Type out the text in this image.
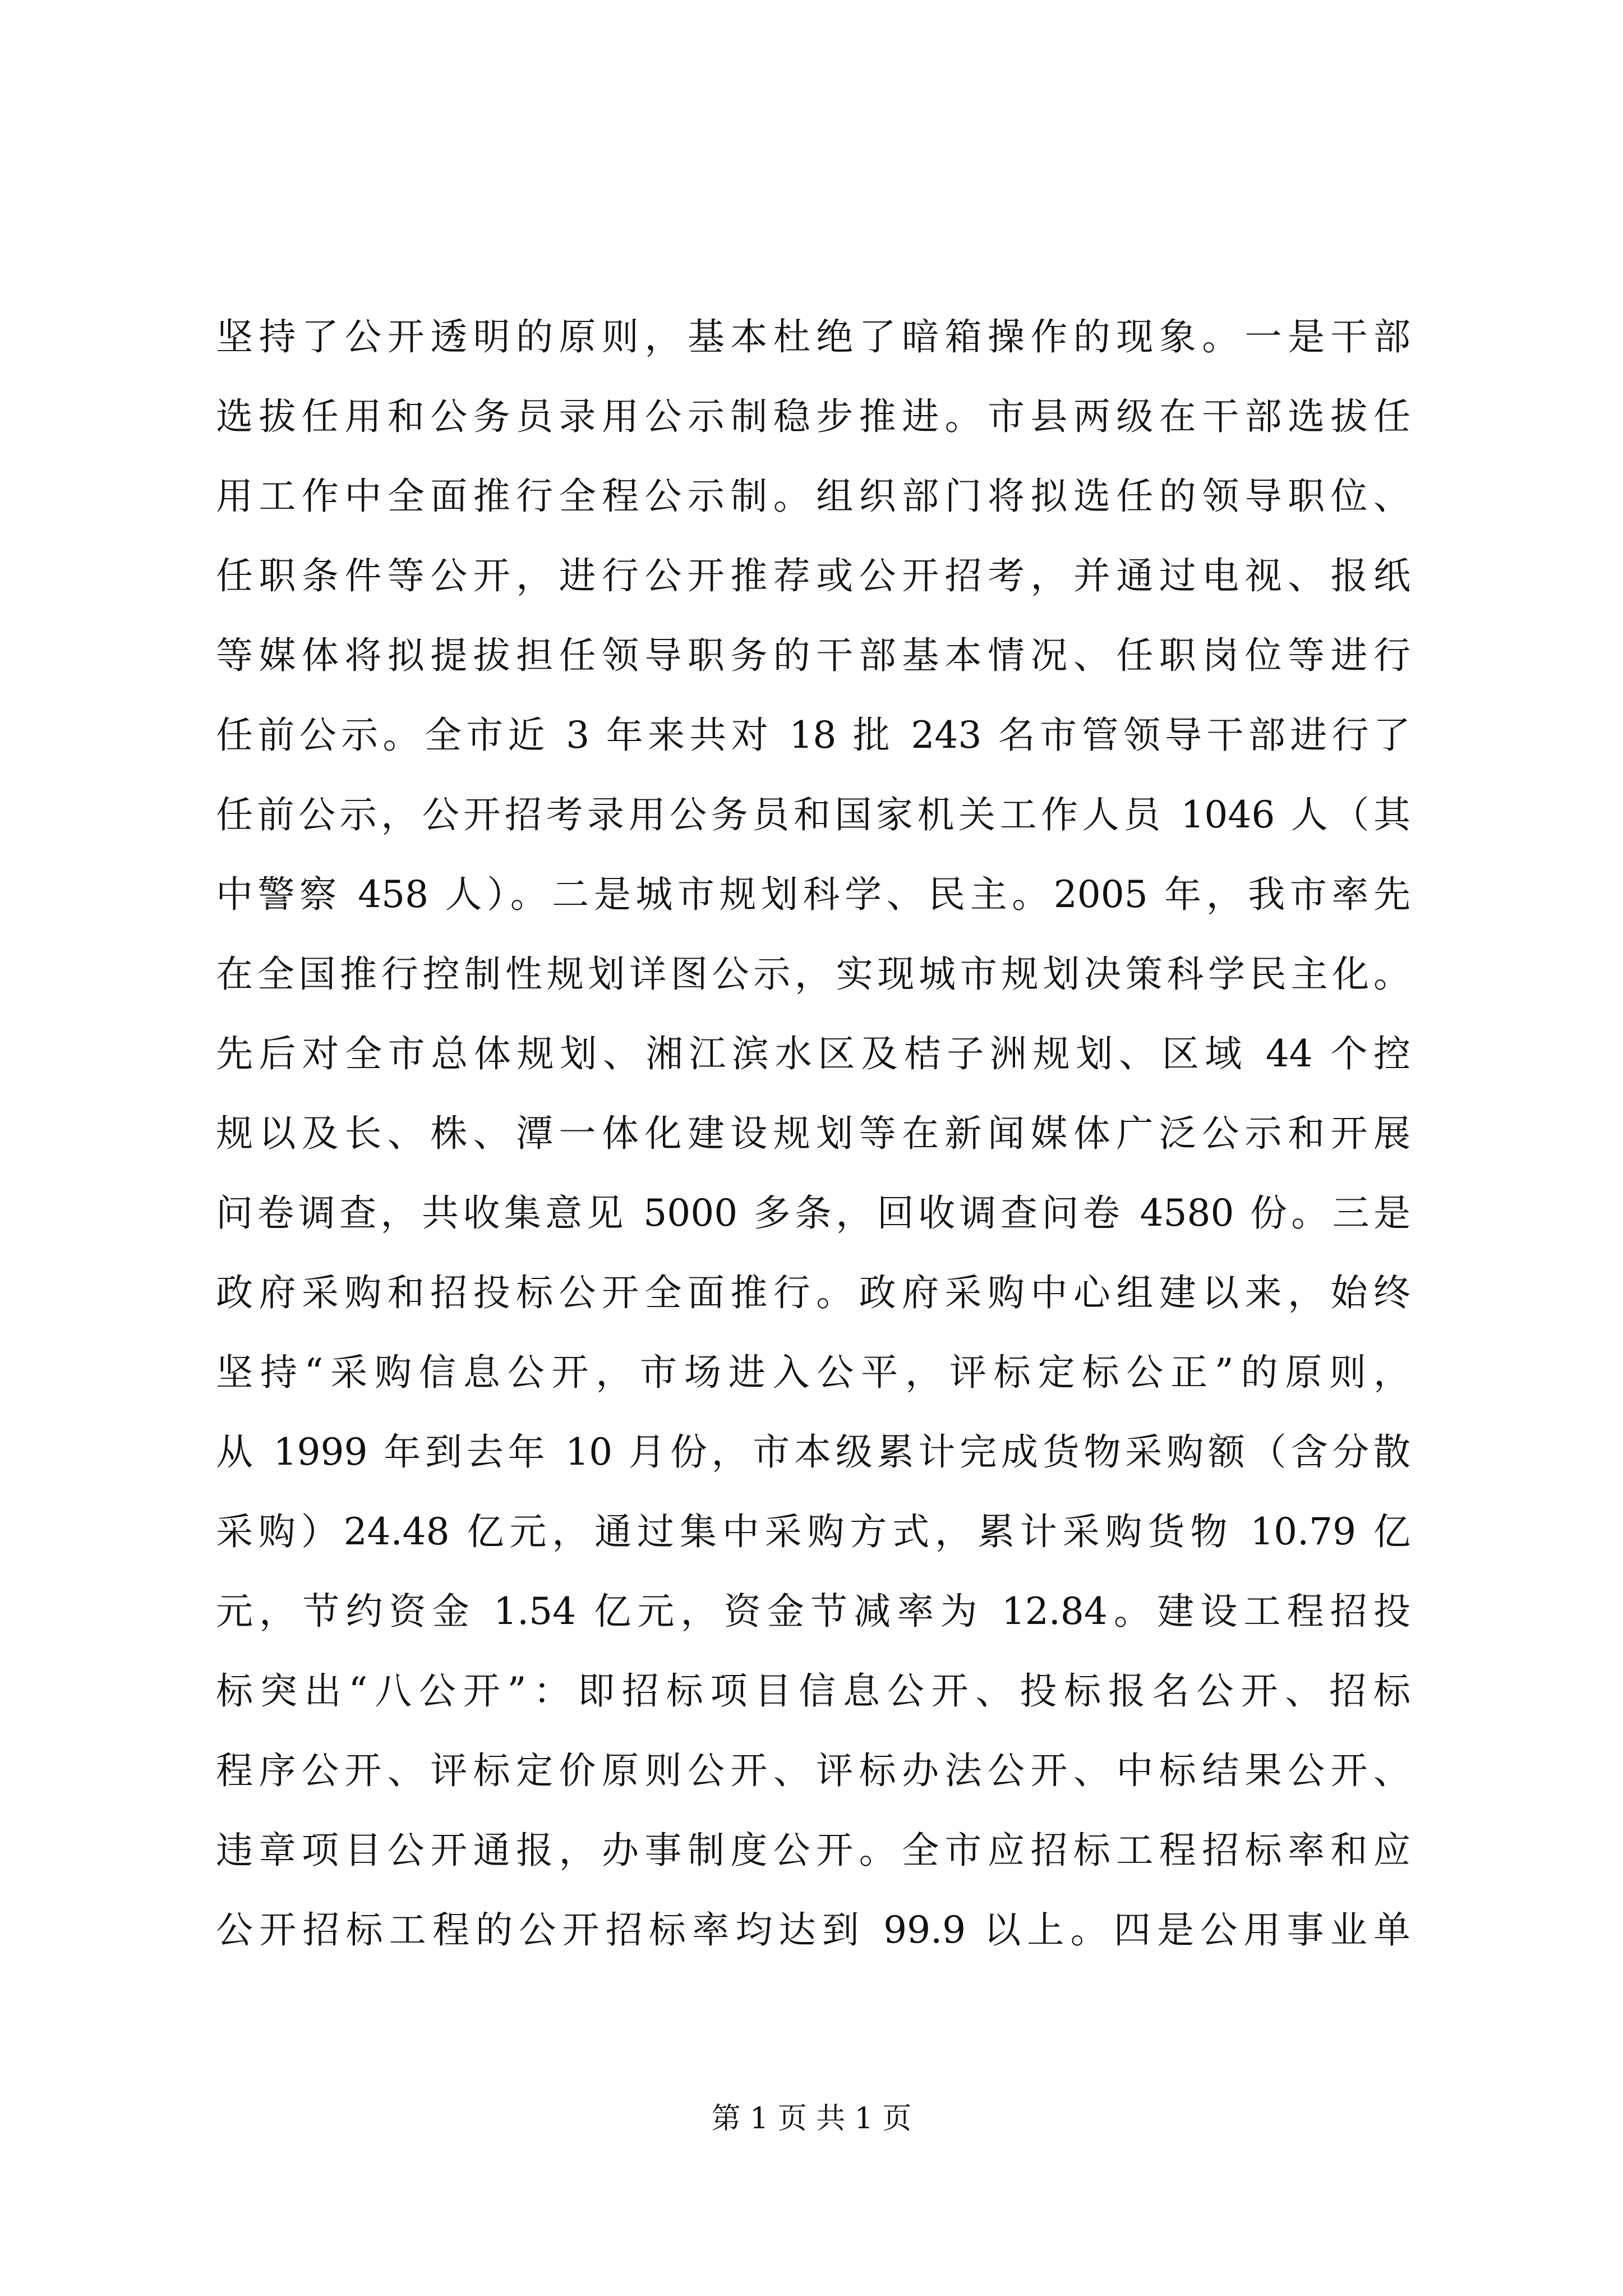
坚持了公开透明的原则，基本杜绝了暗箱操作的现象。一是干部
选拔任用和公务员录用公示制稳步推进。市县两级在干部选拔任
用工作中全面推行全程公示制。组织部门将拟选任的领导职位、
任职条件等公开，进行公开推荐或公开招考，并通过电视、报纸
等媒体将拟提拔担任领导职务的干部基本情况、任职岗位等进行
任前公示。全市近 3 年来共对 18 批 243 名市管领导干部进行了
任前公示，公开招考录用公务员和国家机关工作人员 1046 人（其
中警察 458 人）。二是城市规划科学、民主。2005 年，我市率先
在全国推行控制性规划详图公示，实现城市规划决策科学民主化。
先后对全市总体规划、湘江滨水区及桔子洲规划、区域 44 个控
规以及长、株、潭一体化建设规划等在新闻媒体广泛公示和开展
问卷调查，共收集意见 5000 多条，回收调查问卷 4580 份。三是
政府采购和招投标公开全面推行。政府采购中心组建以来，始终
坚持“采购信息公开，市场进入公平，评标定标公正”的原则，
从 1999 年到去年 10 月份，市本级累计完成货物采购额（含分散
采购）24.48 亿元，通过集中采购方式，累计采购货物 10.79 亿
元，节约资金 1.54 亿元，资金节减率为 12.84。建设工程招投
标突出“八公开”：即招标项目信息公开、投标报名公开、招标
程序公开、评标定价原则公开、评标办法公开、中标结果公开、
违章项目公开通报，办事制度公开。全市应招标工程招标率和应
公开招标工程的公开招标率均达到 99.9 以上。四是公用事业单
第 1 页 共 1 页
